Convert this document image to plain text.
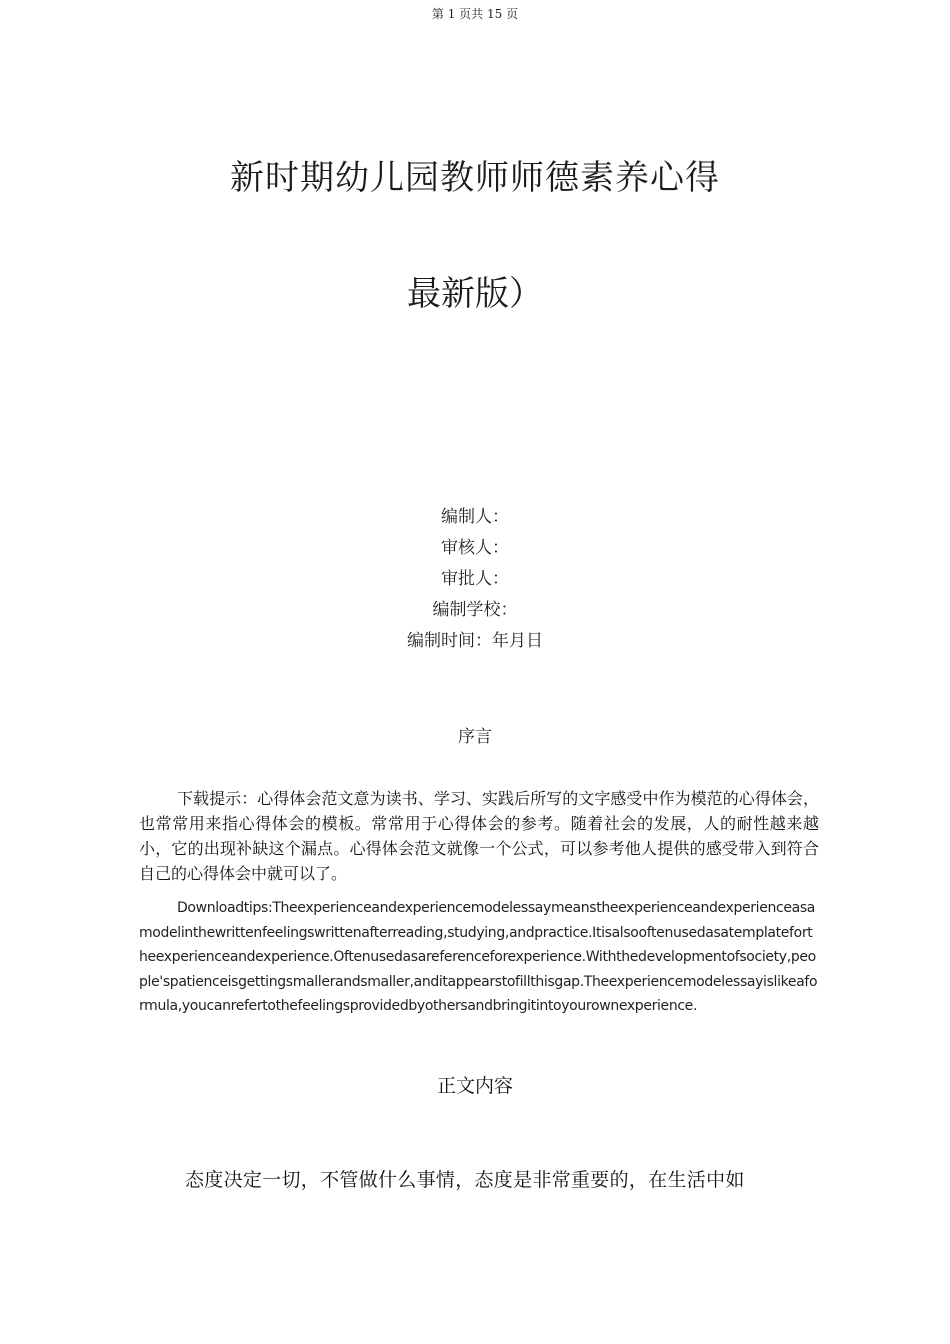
第 1 页共 15 页
新时期幼儿园教师师德素养心得
最新版）
编制人：
审核人：
审批人：
编制学校：
编制时间：年月日
序言
下载提示：心得体会范文意为读书、学习、实践后所写的文字感受中作为模范的心得体会，也常常用来指心得体会的模板。常常用于心得体会的参考。随着社会的发展，人的耐性越来越小，它的出现补缺这个漏点。心得体会范文就像一个公式，可以参考他人提供的感受带入到符合自己的心得体会中就可以了。
Downloadtips:Theexperienceandexperiencemodelessaymeanstheexperienceandexperienceasamodelinthewrittenfeelingswrittenafterreading,studying,andpractice.Itisalsooftenusedasatemplatefortheexperienceandexperience.Oftenusedasareferenceforexperience.Withthedevelopmentofsociety,people'spatienceisgettingsmallerandsmaller,anditappearstofillthisgap.Theexperiencemodelessayislikeaformula,youcanrefertothefeelingsprovidedbyothersandbringitintoyourownexperience.
正文内容
态度决定一切，不管做什么事情，态度是非常重要的，在生活中如
